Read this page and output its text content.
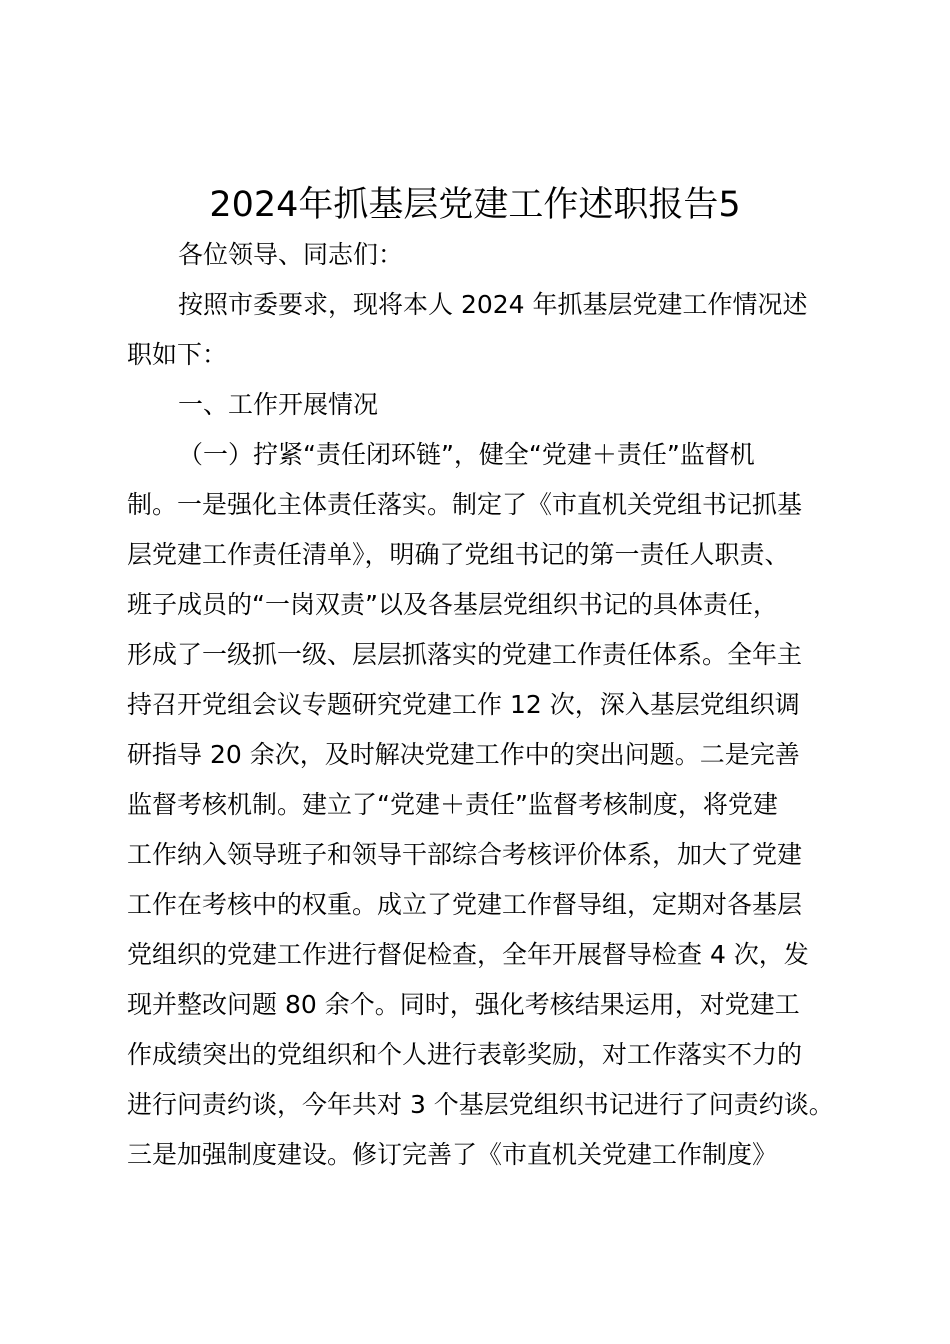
2024年抓基层党建工作述职报告5
各位领导、同志们：
按照市委要求，现将本人 2024 年抓基层党建工作情况述
职如下：
一、工作开展情况
（一）拧紧“责任闭环链”，健全“党建＋责任”监督机
制。一是强化主体责任落实。制定了《市直机关党组书记抓基
层党建工作责任清单》，明确了党组书记的第一责任人职责、
班子成员的“一岗双责”以及各基层党组织书记的具体责任，
形成了一级抓一级、层层抓落实的党建工作责任体系。全年主
持召开党组会议专题研究党建工作 12 次，深入基层党组织调
研指导 20 余次，及时解决党建工作中的突出问题。二是完善
监督考核机制。建立了“党建＋责任”监督考核制度，将党建
工作纳入领导班子和领导干部综合考核评价体系，加大了党建
工作在考核中的权重。成立了党建工作督导组，定期对各基层
党组织的党建工作进行督促检查，全年开展督导检查 4 次，发
现并整改问题 80 余个。同时，强化考核结果运用，对党建工
作成绩突出的党组织和个人进行表彰奖励，对工作落实不力的
进行问责约谈，今年共对 3 个基层党组织书记进行了问责约谈。
三是加强制度建设。修订完善了《市直机关党建工作制度》
